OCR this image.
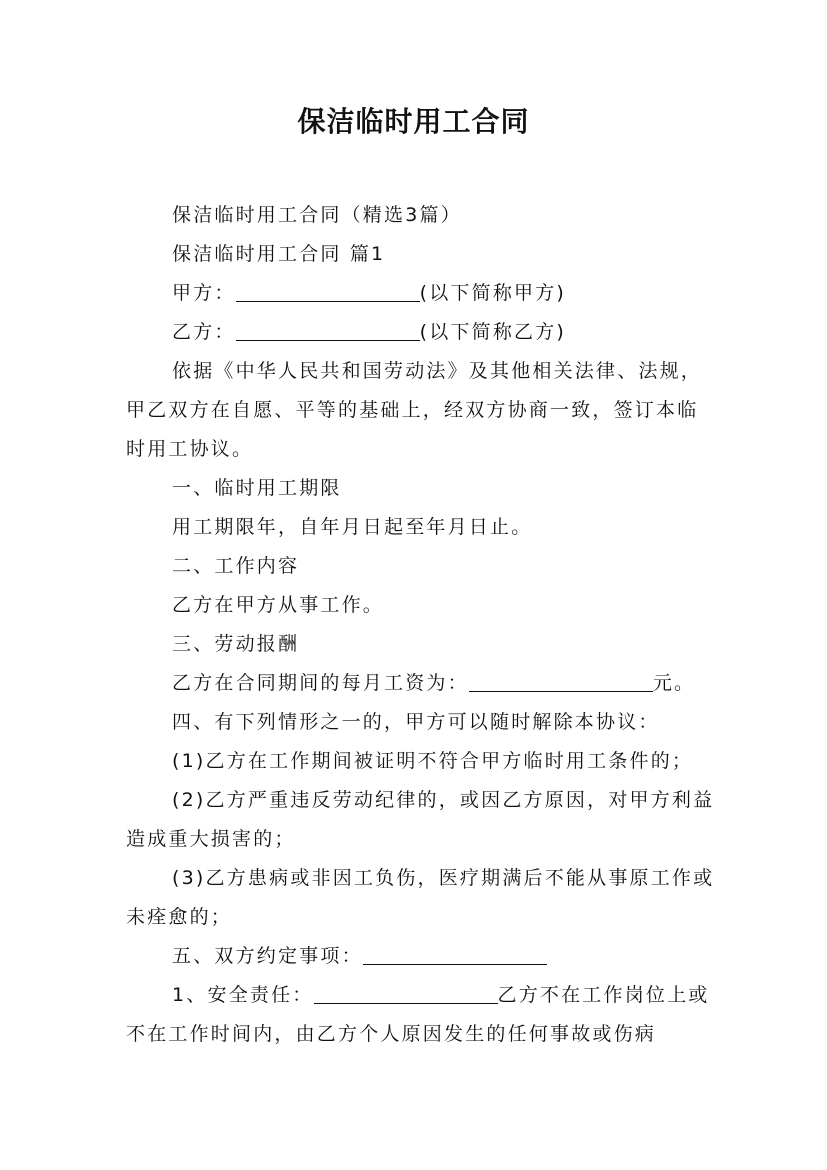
保洁临时用工合同

保洁临时用工合同（精选3篇）

保洁临时用工合同 篇1

甲方：	(以下简称甲方)

乙方：	(以下简称乙方)

依据《中华人民共和国劳动法》及其他相关法律、法规，甲乙双方在自愿、平等的基础上，经双方协商一致，签订本临时用工协议。

一、临时用工期限

用工期限年，自年月日起至年月日止。

二、工作内容

乙方在甲方从事工作。

三、劳动报酬

乙方在合同期间的每月工资为：	元。

四、有下列情形之一的，甲方可以随时解除本协议：

(1)乙方在工作期间被证明不符合甲方临时用工条件的；

(2)乙方严重违反劳动纪律的，或因乙方原因，对甲方利益造成重大损害的；

(3)乙方患病或非因工负伤，医疗期满后不能从事原工作或未痊愈的；

五、双方约定事项：

1、安全责任：	乙方不在工作岗位上或不在工作时间内，由乙方个人原因发生的任何事故或伤病
